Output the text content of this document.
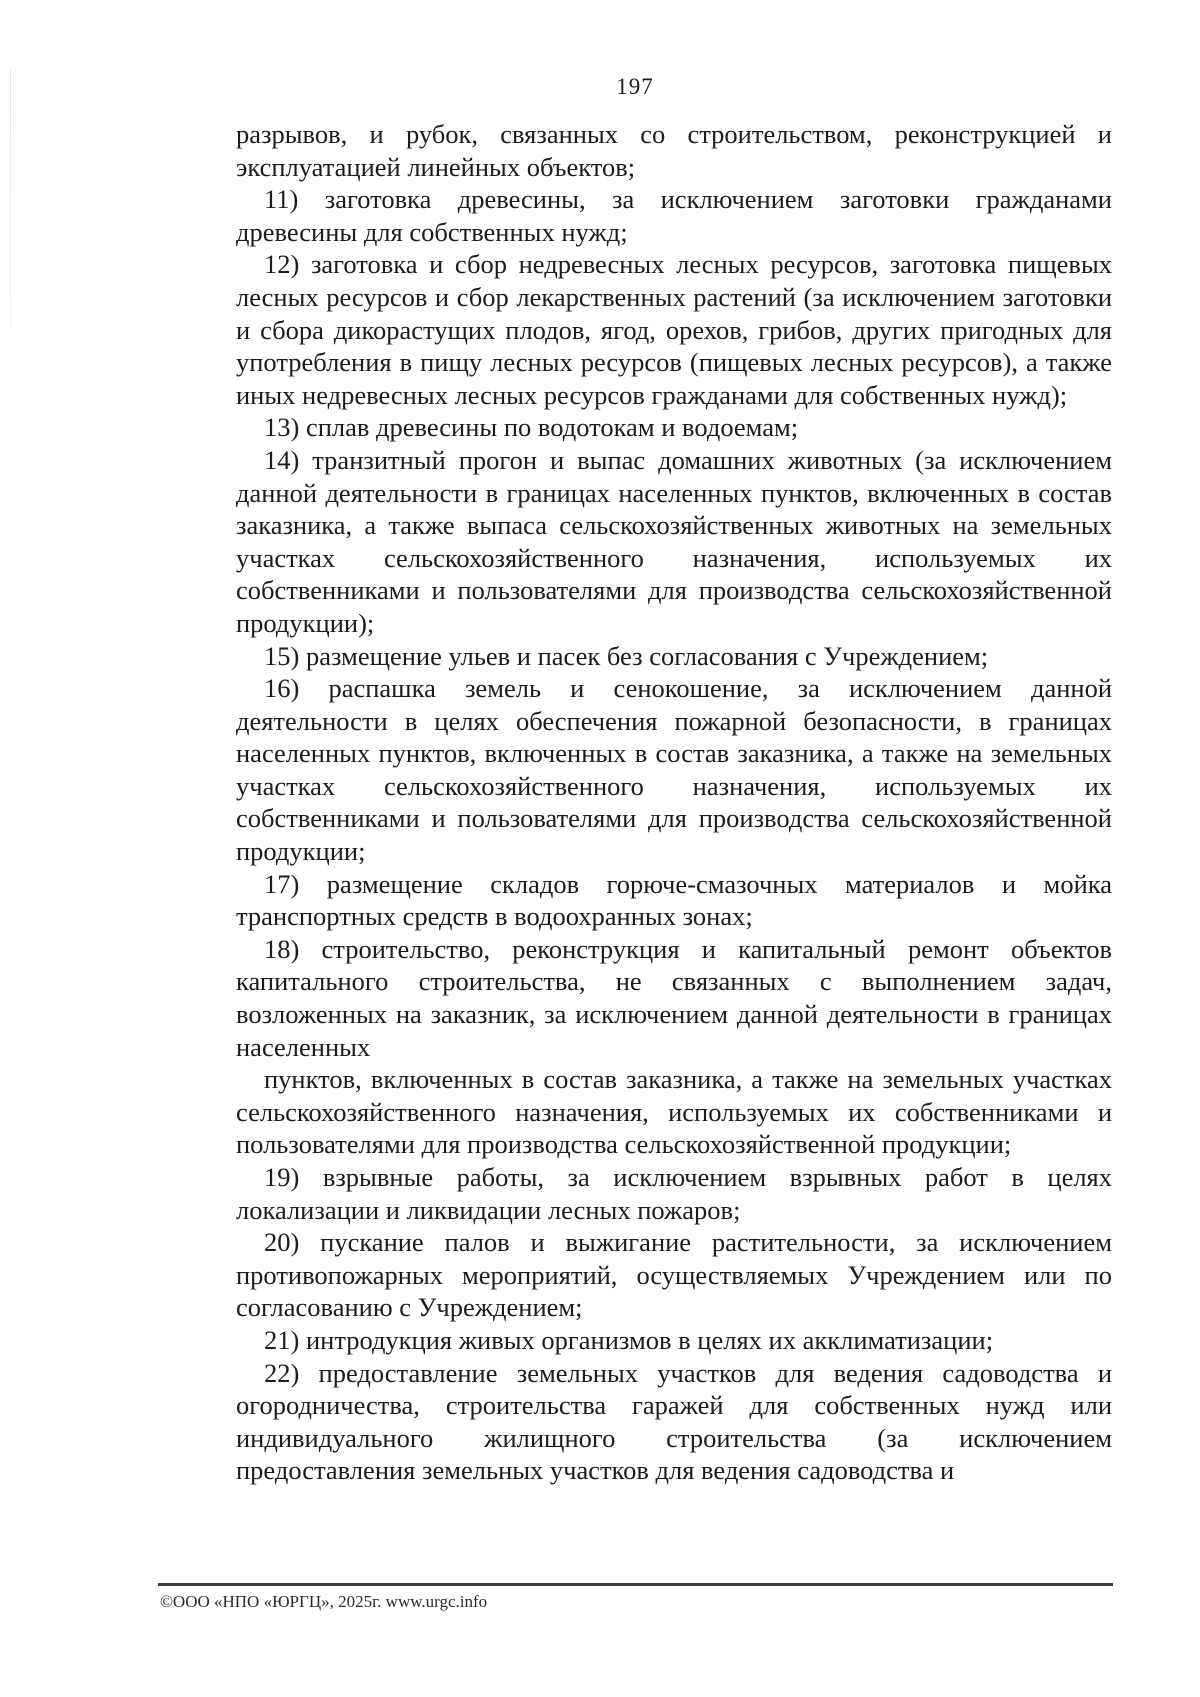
197

разрывов, и рубок, связанных со строительством, реконструкцией и эксплуатацией линейных объектов;

11) заготовка древесины, за исключением заготовки гражданами древесины для собственных нужд;

12) заготовка и сбор недревесных лесных ресурсов, заготовка пищевых лесных ресурсов и сбор лекарственных растений (за исключением заготовки и сбора дикорастущих плодов, ягод, орехов, грибов, других пригодных для употребления в пищу лесных ресурсов (пищевых лесных ресурсов), а также иных недревесных лесных ресурсов гражданами для собственных нужд);

13) сплав древесины по водотокам и водоемам;

14) транзитный прогон и выпас домашних животных (за исключением данной деятельности в границах населенных пунктов, включенных в состав заказника, а также выпаса сельскохозяйственных животных на земельных участках сельскохозяйственного назначения, используемых их собственниками и пользователями для производства сельскохозяйственной продукции);

15) размещение ульев и пасек без согласования с Учреждением;

16) распашка земель и сенокошение, за исключением данной деятельности в целях обеспечения пожарной безопасности, в границах населенных пунктов, включенных в состав заказника, а также на земельных участках сельскохозяйственного назначения, используемых их собственниками и пользователями для производства сельскохозяйственной продукции;

17) размещение складов горюче-смазочных материалов и мойка транспортных средств в водоохранных зонах;

18) строительство, реконструкция и капитальный ремонт объектов капитального строительства, не связанных с выполнением задач, возложенных на заказник, за исключением данной деятельности в границах населенных

пунктов, включенных в состав заказника, а также на земельных участках сельскохозяйственного назначения, используемых их собственниками и пользователями для производства сельскохозяйственной продукции;

19) взрывные работы, за исключением взрывных работ в целях локализации и ликвидации лесных пожаров;

20) пускание палов и выжигание растительности, за исключением противопожарных мероприятий, осуществляемых Учреждением или по согласованию с Учреждением;

21) интродукция живых организмов в целях их акклиматизации;

22) предоставление земельных участков для ведения садоводства и огородничества, строительства гаражей для собственных нужд или индивидуального жилищного строительства (за исключением предоставления земельных участков для ведения садоводства и

©ООО «НПО «ЮРГЦ», 2025г. www.urgc.info
